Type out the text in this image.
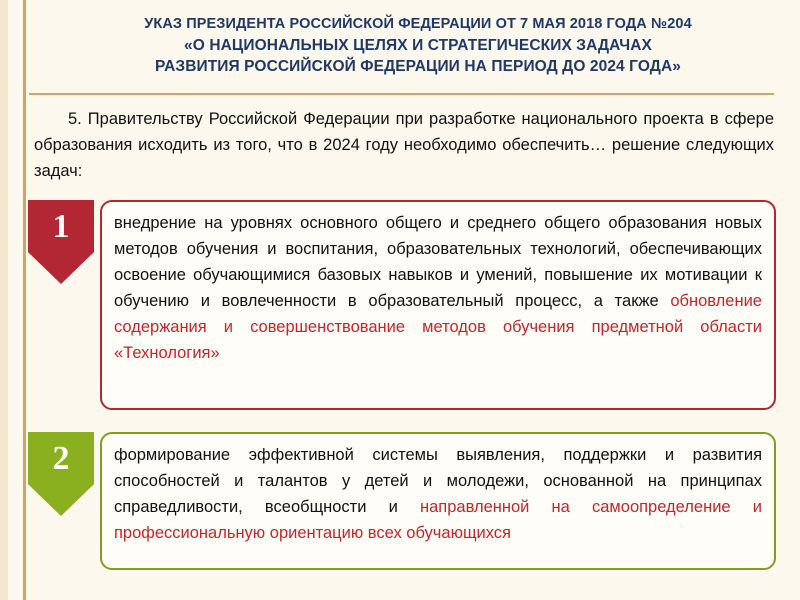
УКАЗ ПРЕЗИДЕНТА РОССИЙСКОЙ ФЕДЕРАЦИИ ОТ 7 МАЯ 2018 ГОДА №204
«О НАЦИОНАЛЬНЫХ ЦЕЛЯХ И СТРАТЕГИЧЕСКИХ ЗАДАЧАХ
РАЗВИТИЯ РОССИЙСКОЙ ФЕДЕРАЦИИ НА ПЕРИОД ДО 2024 ГОДА»
5. Правительству Российской Федерации при разработке национального проекта в сфере образования исходить из того, что в 2024 году необходимо обеспечить… решение следующих задач:
1	внедрение на уровнях основного общего и среднего общего образования новых методов обучения и воспитания, образовательных технологий, обеспечивающих освоение обучающимися базовых навыков и умений, повышение их мотивации к обучению и вовлеченности в образовательный процесс, а также обновление содержания и совершенствование методов обучения предметной области «Технология»
2	формирование эффективной системы выявления, поддержки и развития способностей и талантов у детей и молодежи, основанной на принципах справедливости, всеобщности и направленной на самоопределение и профессиональную ориентацию всех обучающихся
